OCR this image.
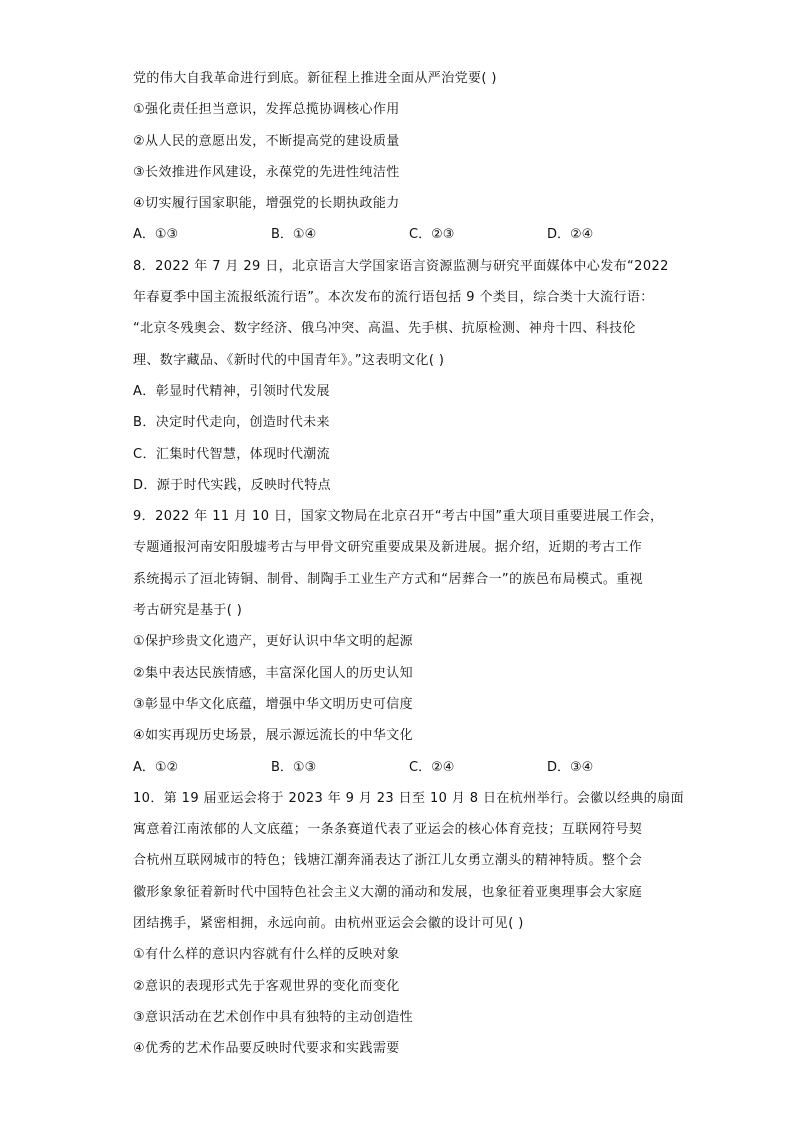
党的伟大自我革命进行到底。新征程上推进全面从严治党要( )
①强化责任担当意识，发挥总揽协调核心作用
②从人民的意愿出发，不断提高党的建设质量
③长效推进作风建设，永葆党的先进性纯洁性
④切实履行国家职能，增强党的长期执政能力
A．①③	B．①④	C．②③	D．②④
8．2022 年 7 月 29 日，北京语言大学国家语言资源监测与研究平面媒体中心发布“2022
年春夏季中国主流报纸流行语”。本次发布的流行语包括 9 个类目，综合类十大流行语：
“北京冬残奥会、数字经济、俄乌冲突、高温、先手棋、抗原检测、神舟十四、科技伦
理、数字藏品、《新时代的中国青年》。”这表明文化( )
A．彰显时代精神，引领时代发展
B．决定时代走向，创造时代未来
C．汇集时代智慧，体现时代潮流
D．源于时代实践，反映时代特点
9．2022 年 11 月 10 日，国家文物局在北京召开“考古中国”重大项目重要进展工作会，
专题通报河南安阳殷墟考古与甲骨文研究重要成果及新进展。据介绍，近期的考古工作
系统揭示了洹北铸铜、制骨、制陶手工业生产方式和“居葬合一”的族邑布局模式。重视
考古研究是基于( )
①保护珍贵文化遗产，更好认识中华文明的起源
②集中表达民族情感，丰富深化国人的历史认知
③彰显中华文化底蕴，增强中华文明历史可信度
④如实再现历史场景，展示源远流长的中华文化
A．①②	B．①③	C．②④	D．③④
10．第 19 届亚运会将于 2023 年 9 月 23 日至 10 月 8 日在杭州举行。会徽以经典的扇面
寓意着江南浓郁的人文底蕴；一条条赛道代表了亚运会的核心体育竞技；互联网符号契
合杭州互联网城市的特色；钱塘江潮奔涌表达了浙江儿女勇立潮头的精神特质。整个会
徽形象象征着新时代中国特色社会主义大潮的涌动和发展，也象征着亚奥理事会大家庭
团结携手，紧密相拥，永远向前。由杭州亚运会会徽的设计可见( )
①有什么样的意识内容就有什么样的反映对象
②意识的表现形式先于客观世界的变化而变化
③意识活动在艺术创作中具有独特的主动创造性
④优秀的艺术作品要反映时代要求和实践需要
